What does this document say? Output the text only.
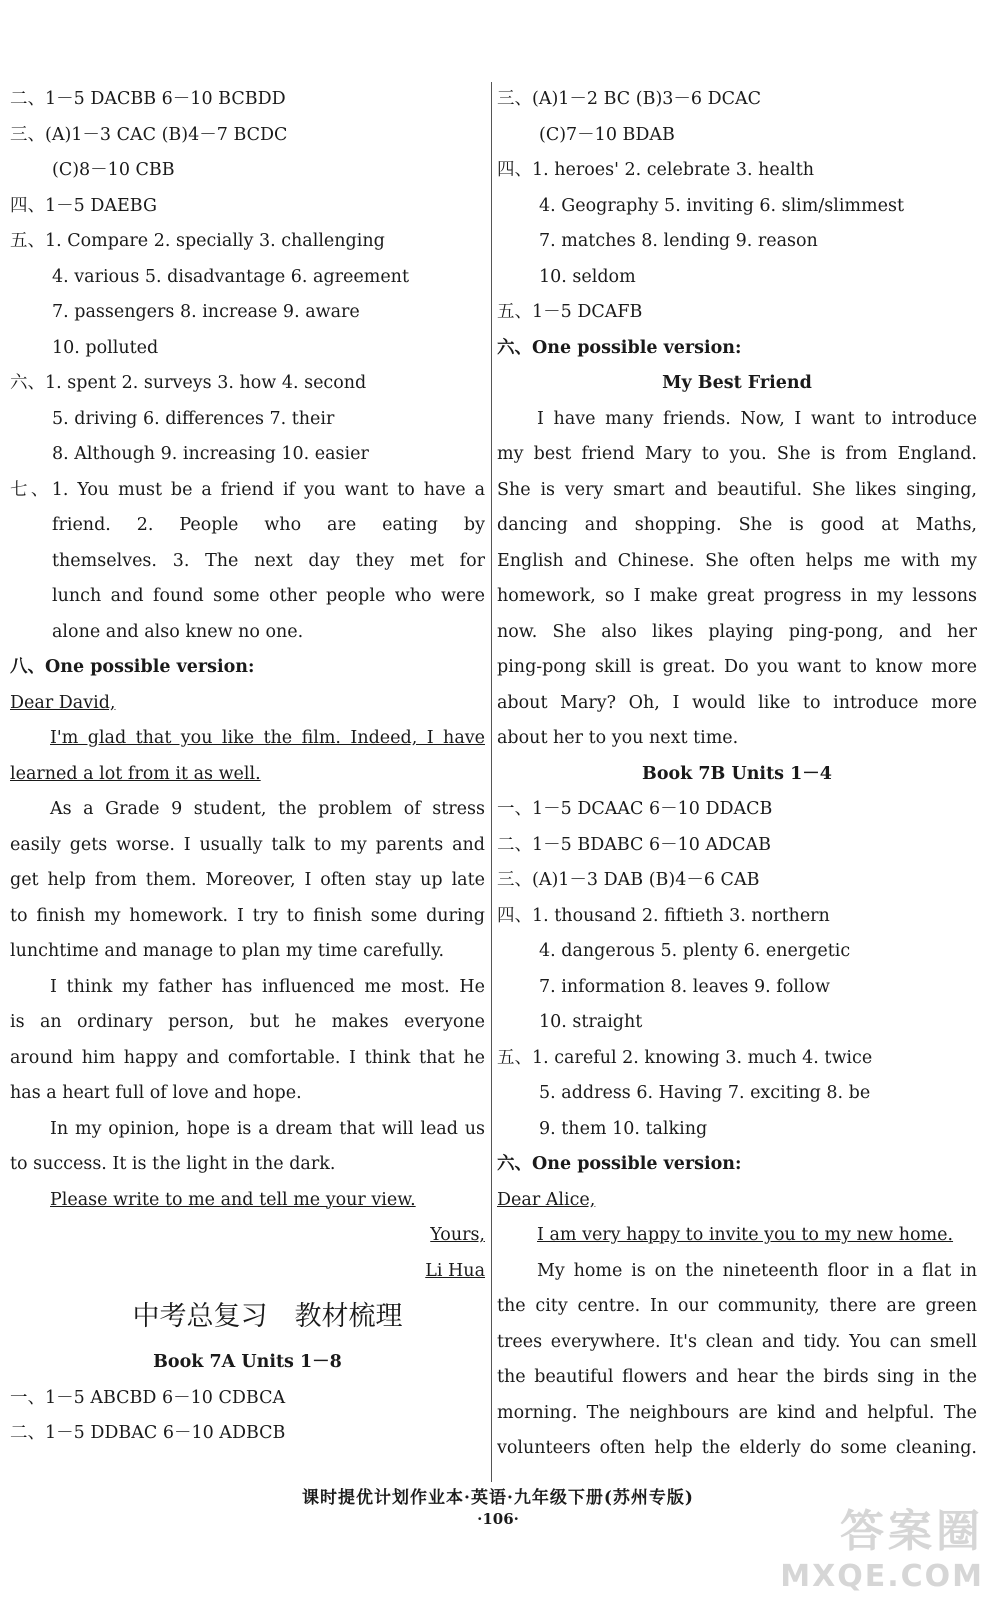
二、1－5 DACBB 6－10 BCBDD
三、(A)1－3 CAC (B)4－7 BCDC
(C)8－10 CBB
四、1－5 DAEBG
五、1. Compare 2. specially 3. challenging
4. various 5. disadvantage 6. agreement
7. passengers 8. increase 9. aware
10. polluted
六、1. spent 2. surveys 3. how 4. second
5. driving 6. differences 7. their
8. Although 9. increasing 10. easier
七、1. You must be a friend if you want to have a
friend. 2. People who are eating by
themselves. 3. The next day they met for
lunch and found some other people who were
alone and also knew no one.
八、One possible version:
Dear David,
I'm glad that you like the film. Indeed, I have
learned a lot from it as well.
As a Grade 9 student, the problem of stress
easily gets worse. I usually talk to my parents and
get help from them. Moreover, I often stay up late
to finish my homework. I try to finish some during
lunchtime and manage to plan my time carefully.
I think my father has influenced me most. He
is an ordinary person, but he makes everyone
around him happy and comfortable. I think that he
has a heart full of love and hope.
In my opinion, hope is a dream that will lead us
to success. It is the light in the dark.
Please write to me and tell me your view.
Yours,
Li Hua
中考总复习　教材梳理
Book 7A Units 1－8
一、1－5 ABCBD 6－10 CDBCA
二、1－5 DDBAC 6－10 ADBCB
三、(A)1－2 BC (B)3－6 DCAC
(C)7－10 BDAB
四、1. heroes' 2. celebrate 3. health
4. Geography 5. inviting 6. slim/slimmest
7. matches 8. lending 9. reason
10. seldom
五、1－5 DCAFB
六、One possible version:
My Best Friend
I have many friends. Now, I want to introduce
my best friend Mary to you. She is from England.
She is very smart and beautiful. She likes singing,
dancing and shopping. She is good at Maths,
English and Chinese. She often helps me with my
homework, so I make great progress in my lessons
now. She also likes playing ping-pong, and her
ping-pong skill is great. Do you want to know more
about Mary? Oh, I would like to introduce more
about her to you next time.
Book 7B Units 1－4
一、1－5 DCAAC 6－10 DDACB
二、1－5 BDABC 6－10 ADCAB
三、(A)1－3 DAB (B)4－6 CAB
四、1. thousand 2. fiftieth 3. northern
4. dangerous 5. plenty 6. energetic
7. information 8. leaves 9. follow
10. straight
五、1. careful 2. knowing 3. much 4. twice
5. address 6. Having 7. exciting 8. be
9. them 10. talking
六、One possible version:
Dear Alice,
I am very happy to invite you to my new home.
My home is on the nineteenth floor in a flat in
the city centre. In our community, there are green
trees everywhere. It's clean and tidy. You can smell
the beautiful flowers and hear the birds sing in the
morning. The neighbours are kind and helpful. The
volunteers often help the elderly do some cleaning.
课时提优计划作业本·英语·九年级下册(苏州专版)
·106·	答案圈
MXQE.COM
